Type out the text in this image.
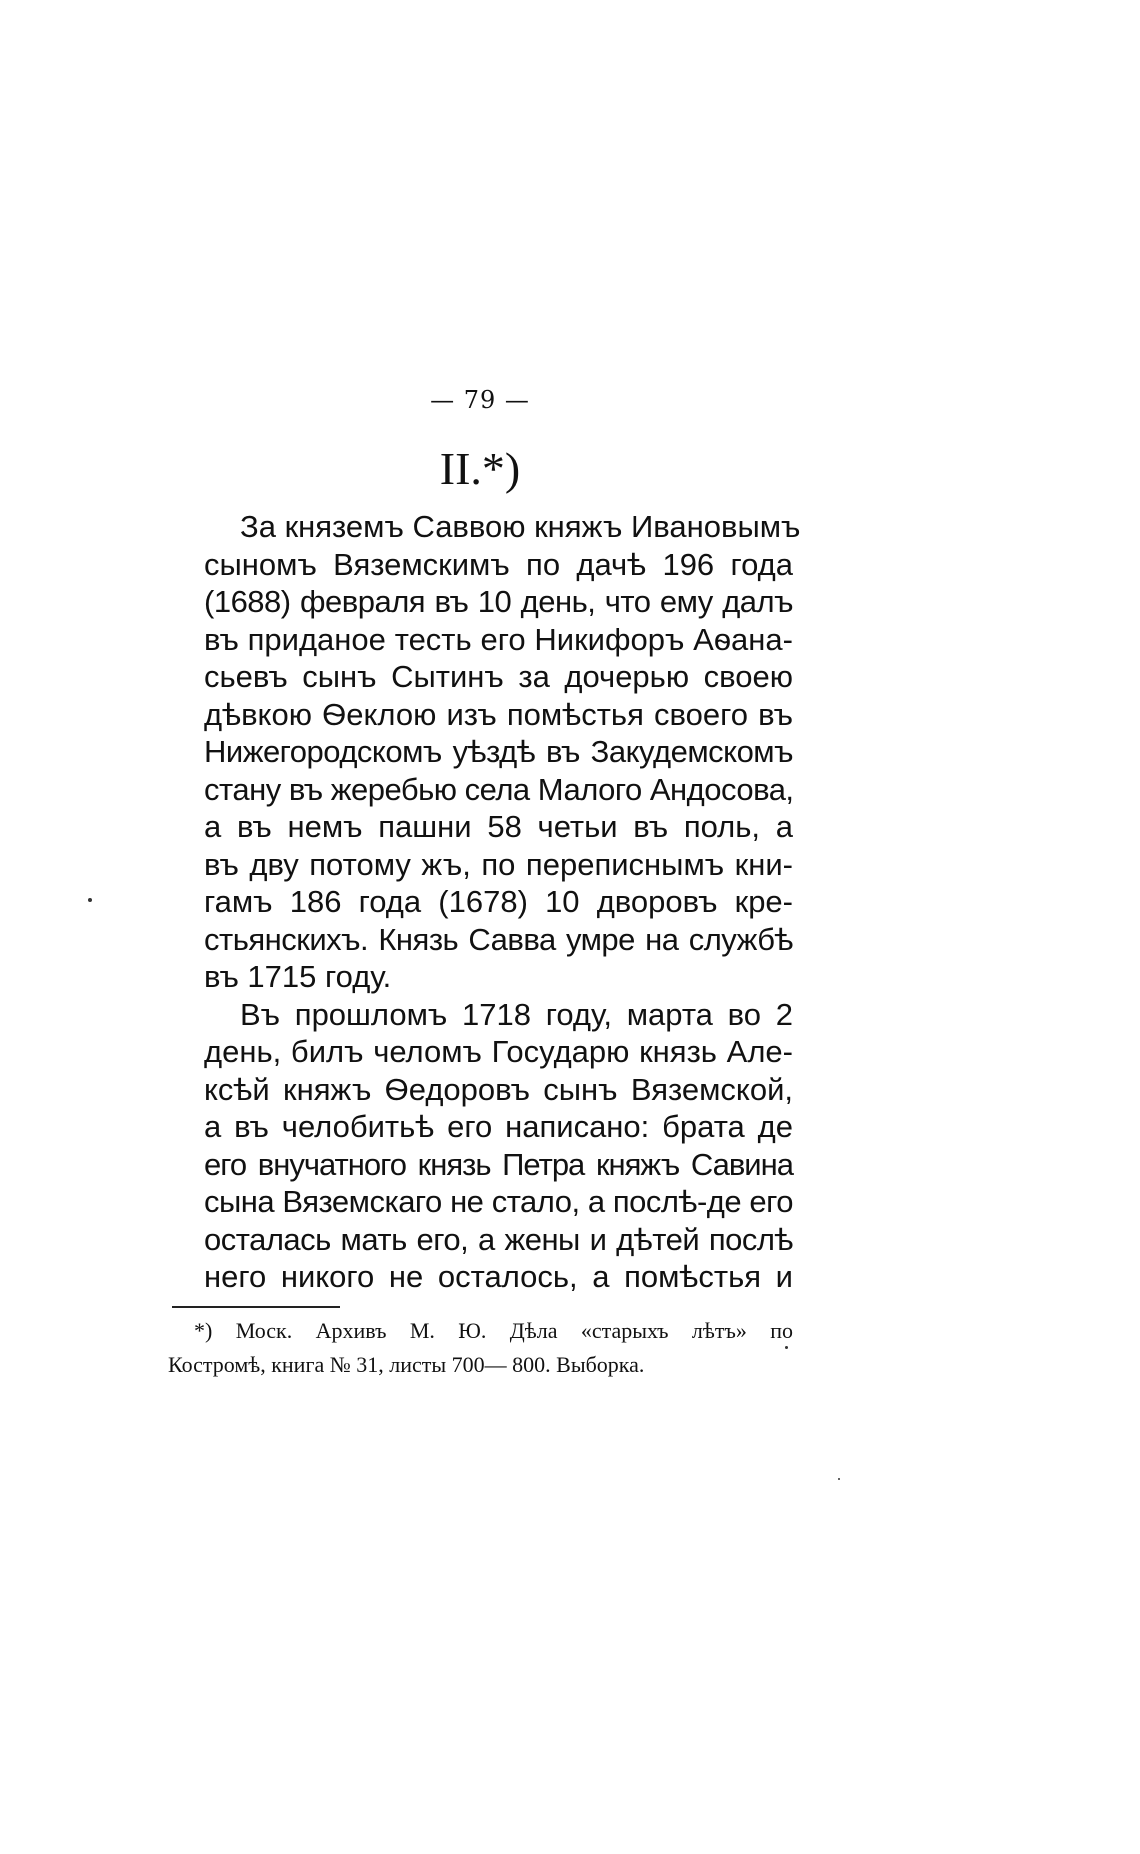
— 79 —
II.*)
За княземъ Саввою княжъ Ивановымъ
сыномъ Вяземскимъ по дачѣ 196 года
(1688) февраля въ 10 день, что ему далъ
въ приданое тесть его Никифоръ Аѳана-
сьевъ сынъ Сытинъ за дочерью своею
дѣвкою Ѳеклою изъ помѣстья своего въ
Нижегородскомъ уѣздѣ въ Закудемскомъ
стану въ жеребью села Малого Андосова,
а въ немъ пашни 58 четьи въ поль, а
въ дву потому жъ, по переписнымъ кни-
гамъ 186 года (1678) 10 дворовъ кре-
стьянскихъ. Князь Савва умре на службѣ
въ 1715 году.
Въ прошломъ 1718 году, марта во 2
день, билъ челомъ Государю князь Але-
ксѣй княжъ Ѳедоровъ сынъ Вяземской,
а въ челобитьѣ его написано: брата де
его внучатного князь Петра княжъ Савина
сына Вяземскаго не стало, а послѣ-де его
осталась мать его, а жены и дѣтей послѣ
него никого не осталось, а помѣстья и
*) Моск. Архивъ М. Ю. Дѣла «старыхъ лѣтъ» по
Костромѣ, книга № 31, листы 700— 800. Выборка.
